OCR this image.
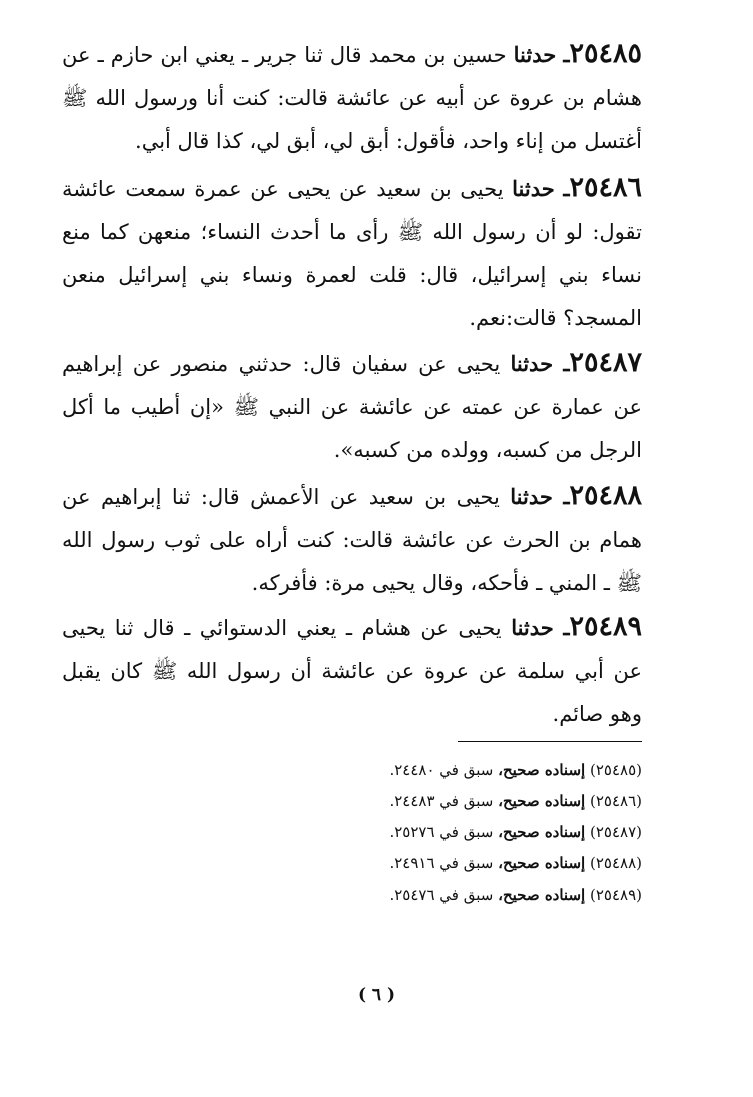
٢٥٤٨٥ـ حدثنا حسين بن محمد قال ثنا جرير ـ يعني ابن حازم ـ عن هشام بن عروة عن أبيه عن عائشة قالت: كنت أنا ورسول الله ﷺ أغتسل من إناء واحد، فأقول: أبق لي، أبق لي، كذا قال أبي.

٢٥٤٨٦ـ حدثنا يحيى بن سعيد عن يحيى عن عمرة سمعت عائشة تقول: لو أن رسول الله ﷺ رأى ما أحدث النساء؛ منعهن كما منع نساء بني إسرائيل، قال: قلت لعمرة ونساء بني إسرائيل منعن المسجد؟ قالت:نعم.

٢٥٤٨٧ـ حدثنا يحيى عن سفيان قال: حدثني منصور عن إبراهيم عن عمارة عن عمته عن عائشة عن النبي ﷺ «إن أطيب ما أكل الرجل من كسبه، وولده من كسبه».

٢٥٤٨٨ـ حدثنا يحيى بن سعيد عن الأعمش قال: ثنا إبراهيم عن همام بن الحرث عن عائشة قالت: كنت أراه على ثوب رسول الله ﷺ ـ المني ـ فأحكه، وقال يحيى مرة: فأفركه.

٢٥٤٨٩ـ حدثنا يحيى عن هشام ـ يعني الدستوائي ـ قال ثنا يحيى عن أبي سلمة عن عروة عن عائشة أن رسول الله ﷺ كان يقبل وهو صائم.

(٢٥٤٨٥) إسناده صحيح، سبق في ٢٤٤٨٠.

(٢٥٤٨٦) إسناده صحيح، سبق في ٢٤٤٨٣.

(٢٥٤٨٧) إسناده صحيح، سبق في ٢٥٢٧٦.

(٢٥٤٨٨) إسناده صحيح، سبق في ٢٤٩١٦.

(٢٥٤٨٩) إسناده صحيح، سبق في ٢٥٤٧٦.

( ٦ )
